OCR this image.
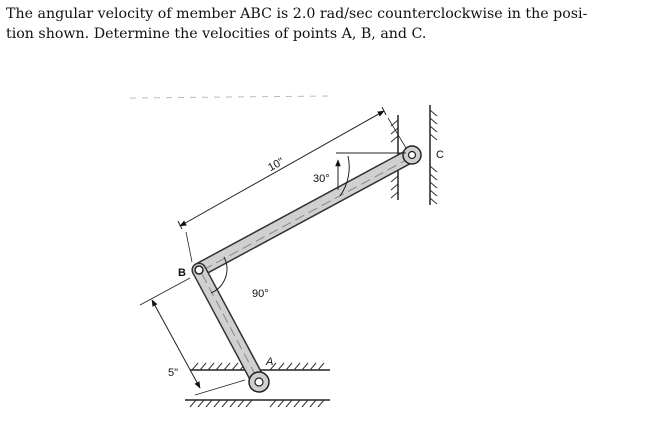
The angular velocity of member ABC is 2.0 rad/sec counterclockwise in the posi-
tion shown. Determine the velocities of points A, B, and C.
10"
5"
90°
30°
B
A
C
